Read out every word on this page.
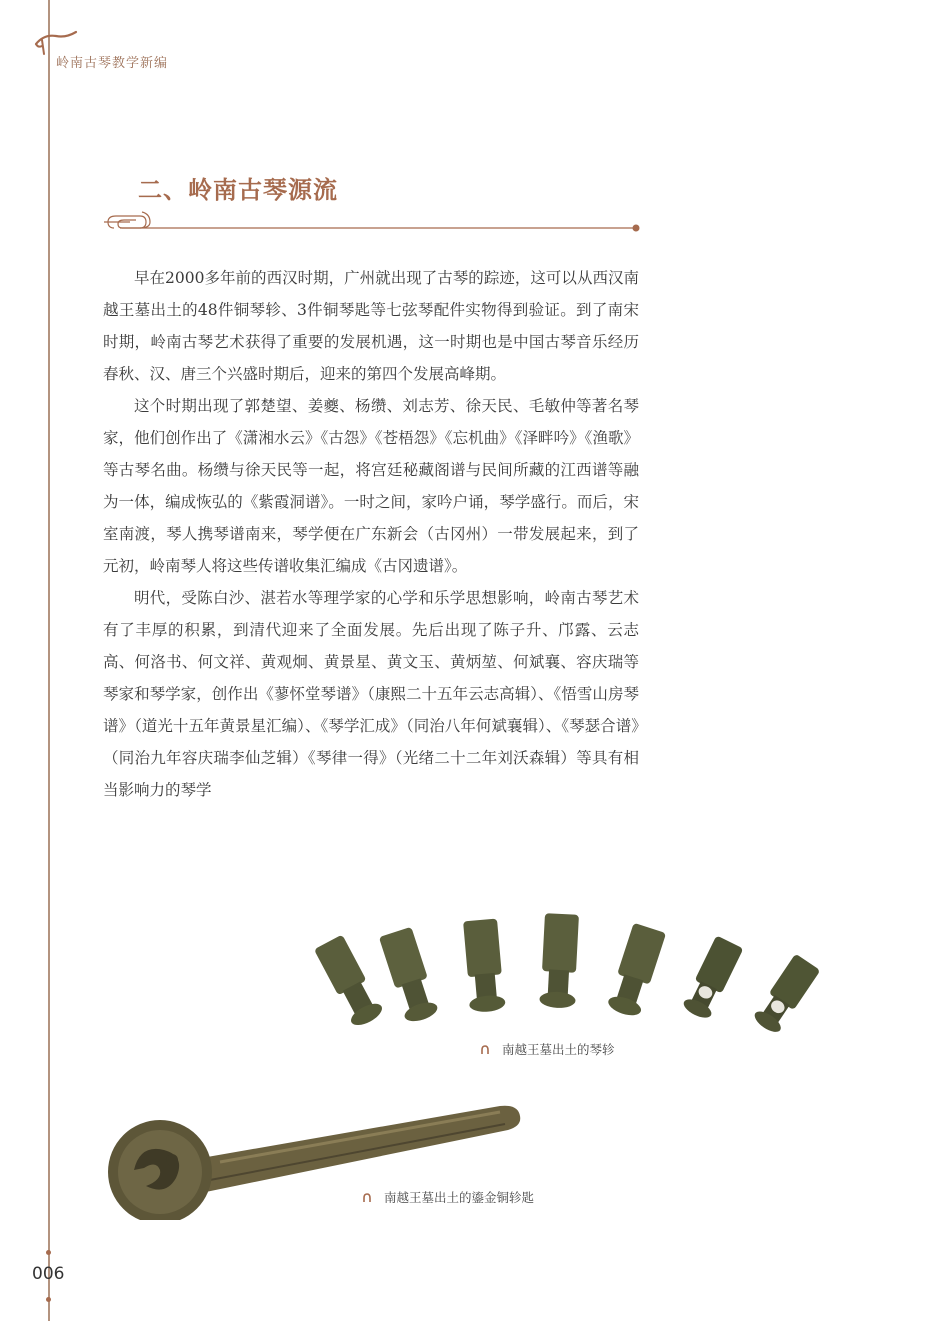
岭南古琴教学新编
二、岭南古琴源流

早在2000多年前的西汉时期，广州就出现了古琴的踪迹，这可以从西汉南越王墓出土的48件铜琴轸、3件铜琴匙等七弦琴配件实物得到验证。到了南宋时期，岭南古琴艺术获得了重要的发展机遇，这一时期也是中国古琴音乐经历春秋、汉、唐三个兴盛时期后，迎来的第四个发展高峰期。

这个时期出现了郭楚望、姜夔、杨缵、刘志芳、徐天民、毛敏仲等著名琴家，他们创作出了《潇湘水云》《古怨》《苍梧怨》《忘机曲》《泽畔吟》《渔歌》等古琴名曲。杨缵与徐天民等一起，将宫廷秘藏阁谱与民间所藏的江西谱等融为一体，编成恢弘的《紫霞洞谱》。一时之间，家吟户诵，琴学盛行。而后，宋室南渡，琴人携琴谱南来，琴学便在广东新会（古冈州）一带发展起来，到了元初，岭南琴人将这些传谱收集汇编成《古冈遗谱》。

明代，受陈白沙、湛若水等理学家的心学和乐学思想影响，岭南古琴艺术有了丰厚的积累，到清代迎来了全面发展。先后出现了陈子升、邝露、云志高、何洛书、何文祥、黄观炯、黄景星、黄文玉、黄炳堃、何斌襄、容庆瑞等琴家和琴学家，创作出《蓼怀堂琴谱》（康熙二十五年云志高辑）、《悟雪山房琴谱》（道光十五年黄景星汇编）、《琴学汇成》（同治八年何斌襄辑）、《琴瑟合谱》（同治九年容庆瑞李仙芝辑）《琴律一得》（光绪二十二年刘沃森辑）等具有相当影响力的琴学

南越王墓出土的琴轸
南越王墓出土的鎏金铜轸匙
006
